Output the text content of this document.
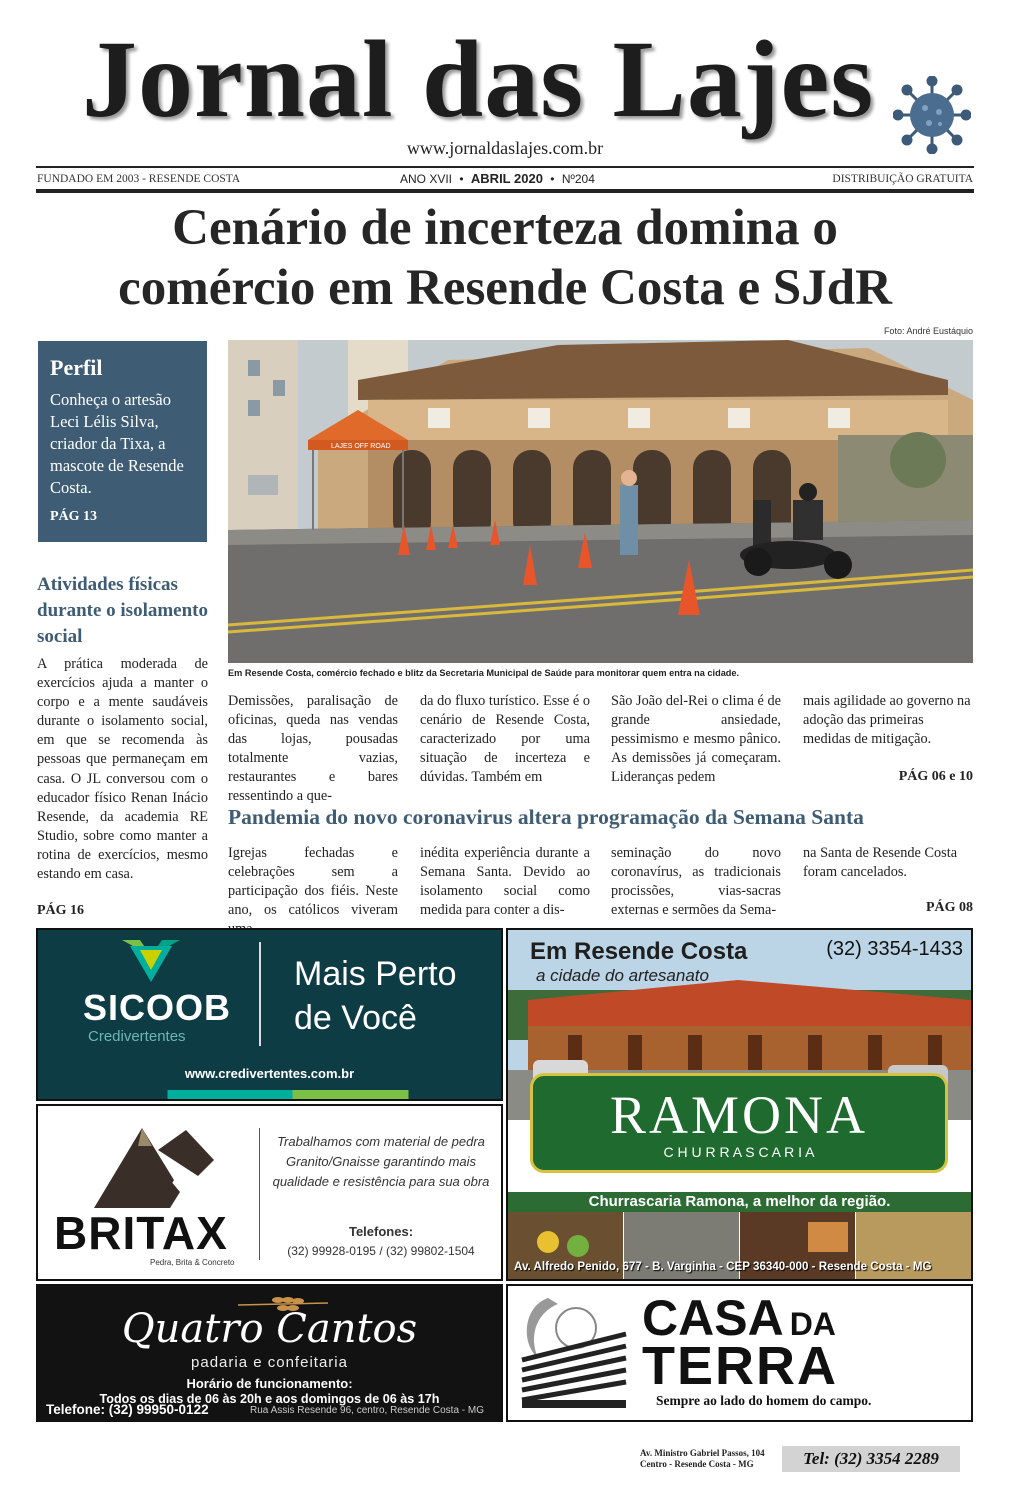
Jornal das Lajes
www.jornaldaslajes.com.br
FUNDADO EM 2003 - RESENDE COSTA	ANO XVII • ABRIL 2020 • Nº204	DISTRIBUIÇÃO GRATUITA
Cenário de incerteza domina o
comércio em Resende Costa e SJdR
Foto: André Eustáquio
Perfil
Conheça o artesão Leci Lélis Silva, criador da Tixa, a mascote de Resende Costa.
PÁG 13
Atividades físicas durante o isolamento social

A prática moderada de exercícios ajuda a manter o corpo e a mente saudáveis durante o isolamento social, em que se recomenda às pessoas que permaneçam em casa. O JL conversou com o educador físico Renan Inácio Resende, da academia RE Studio, sobre como manter a rotina de exercícios, mesmo estando em casa.

PÁG 16
LAJES OFF ROAD
Em Resende Costa, comércio fechado e blitz da Secretaria Municipal de Saúde para monitorar quem entra na cidade.

Demissões, paralisação de oficinas, queda nas vendas das lojas, pousadas totalmente vazias, restaurantes e bares ressentindo a que-

da do fluxo turístico. Esse é o cenário de Resende Costa, caracterizado por uma situação de incerteza e dúvidas. Também em

São João del-Rei o clima é de grande ansiedade, pessimismo e mesmo pânico. As demissões já começaram. Lideranças pedem

mais agilidade ao governo na adoção das primeiras medidas de mitigação.

PÁG 06 e 10
Pandemia do novo coronavirus altera programação da Semana Santa

Igrejas fechadas e celebrações sem a participação dos fiéis. Neste ano, os católicos viveram

inédita experiência durante a Semana Santa. Devido ao isolamento social como medida para conter a dis-

seminação do novo coronavírus, as tradicionais procissões, vias-sacras externas e sermões da Sema-

na Santa de Resende Costa foram cancelados.

PÁG 08
SICOOB
Credivertentes
Mais Perto
de Você
www.credivertentes.com.br
BRITAX
Pedra, Brita & Concreto
Trabalhamos com material de pedra Granito/Gnaisse garantindo mais qualidade e resistência para sua obra
Telefones:
(32) 99928-0195 / (32) 99802-1504
Quatro Cantos
padaria e confeitaria
Horário de funcionamento:
Todos os dias de 06 às 20h e aos domingos de 06 às 17h
Telefone: (32) 99950-0122	Rua Assis Resende 96, centro, Resende Costa - MG
Em Resende Costa
a cidade do artesanato
(32) 3354-1433
RAMONA
C H U R R A S C A R I A
Churrascaria Ramona, a melhor da região.
Av. Alfredo Penido, 677 - B. Varginha - CEP 36340-000 - Resende Costa - MG
CASA DA
TERRA
Sempre ao lado do homem do campo.
Av. Ministro Gabriel Passos, 104
Centro - Resende Costa - MG	Tel: (32) 3354 2289
